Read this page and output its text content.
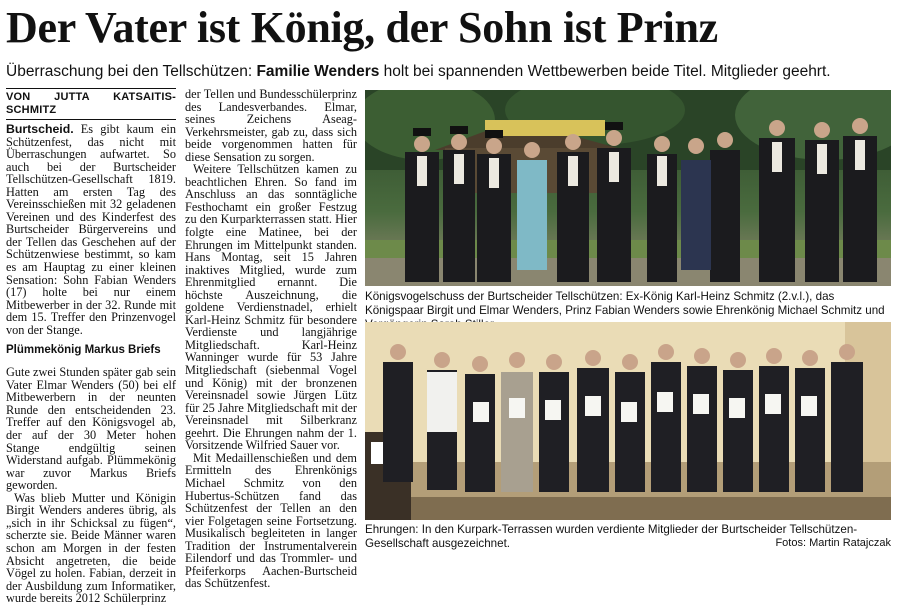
Der Vater ist König, der Sohn ist Prinz
Überraschung bei den Tellschützen: Familie Wenders holt bei spannenden Wettbewerben beide Titel. Mitglieder geehrt.
VON JUTTA KATSAITIS-SCHMITZ

Burtscheid. Es gibt kaum ein Schützenfest, das nicht mit Überraschungen aufwartet. So auch bei der Burtscheider Tellschützen-Gesellschaft 1819. Hatten am ersten Tag des Vereinsschießen mit 32 geladenen Vereinen und des Kinderfest des Burtscheider Bürgervereins und der Tellen das Geschehen auf der Schützenwiese bestimmt, so kam es am Hauptag zu einer kleinen Sensation: Sohn Fabian Wenders (17) holte bei nur einem Mitbewerber in der 32. Runde mit dem 15. Treffer den Prinzenvogel von der Stange.

Plümmekönig Markus Briefs

Gute zwei Stunden später gab sein Vater Elmar Wenders (50) bei elf Mitbewerbern in der neunten Runde den entscheidenden 23. Treffer auf den Königsvogel ab, der auf der 30 Meter hohen Stange endgültig seinen Widerstand aufgab. Plümmekönig war zuvor Markus Briefs geworden.

Was blieb Mutter und Königin Birgit Wenders anderes übrig, als „sich in ihr Schicksal zu fügen“, scherzte sie. Beide Männer waren schon am Morgen in der festen Absicht angetreten, die beide Vögel zu holen. Fabian, derzeit in der Ausbildung zum Informatiker, wurde bereits 2012 Schülerprinz

der Tellen und Bundesschülerprinz des Landesverbandes. Elmar, seines Zeichens Aseag-Verkehrsmeister, gab zu, dass sich beide vorgenommen hatten für diese Sensation zu sorgen.

Weitere Tellschützen kamen zu beachtlichen Ehren. So fand im Anschluss an das sonntägliche Festhochamt ein großer Festzug zu den Kurparkterrassen statt. Hier folgte eine Matinee, bei der Ehrungen im Mittelpunkt standen. Hans Montag, seit 15 Jahren inaktives Mitglied, wurde zum Ehrenmitglied ernannt. Die höchste Auszeichnung, die goldene Verdienstnadel, erhielt Karl-Heinz Schmitz für besondere Verdienste und langjährige Mitgliedschaft. Karl-Heinz Wanninger wurde für 53 Jahre Mitgliedschaft (siebenmal Vogel und König) mit der bronzenen Vereinsnadel sowie Jürgen Lütz für 25 Jahre Mitgliedschaft mit der Vereinsnadel mit Silberkranz geehrt. Die Ehrungen nahm der 1. Vorsitzende Wilfried Sauer vor.

Mit Medaillenschießen und dem Ermitteln des Ehrenkönigs Michael Schmitz von den Hubertus-Schützen fand das Schützenfest der Tellen an den vier Folgetagen seine Fortsetzung. Musikalisch begleiteten in langer Tradition der Instrumentalverein Eilendorf und das Trommler- und Pfeiferkorps Aachen-Burtscheid das Schützenfest.

Königsvogelschuss der Burtscheider Tellschützen: Ex-König Karl-Heinz Schmitz (2.v.l.), das Königspaar Birgit und Elmar Wenders, Prinz Fabian Wenders sowie Ehrenkönig Michael Schmitz und
Ehrungen: In den Kurpark-Terrassen wurden verdiente Mitglieder der Burtscheider Tellschützen-Gesellschaft ausgezeichnet.	Fotos: Martin Ratajczak
